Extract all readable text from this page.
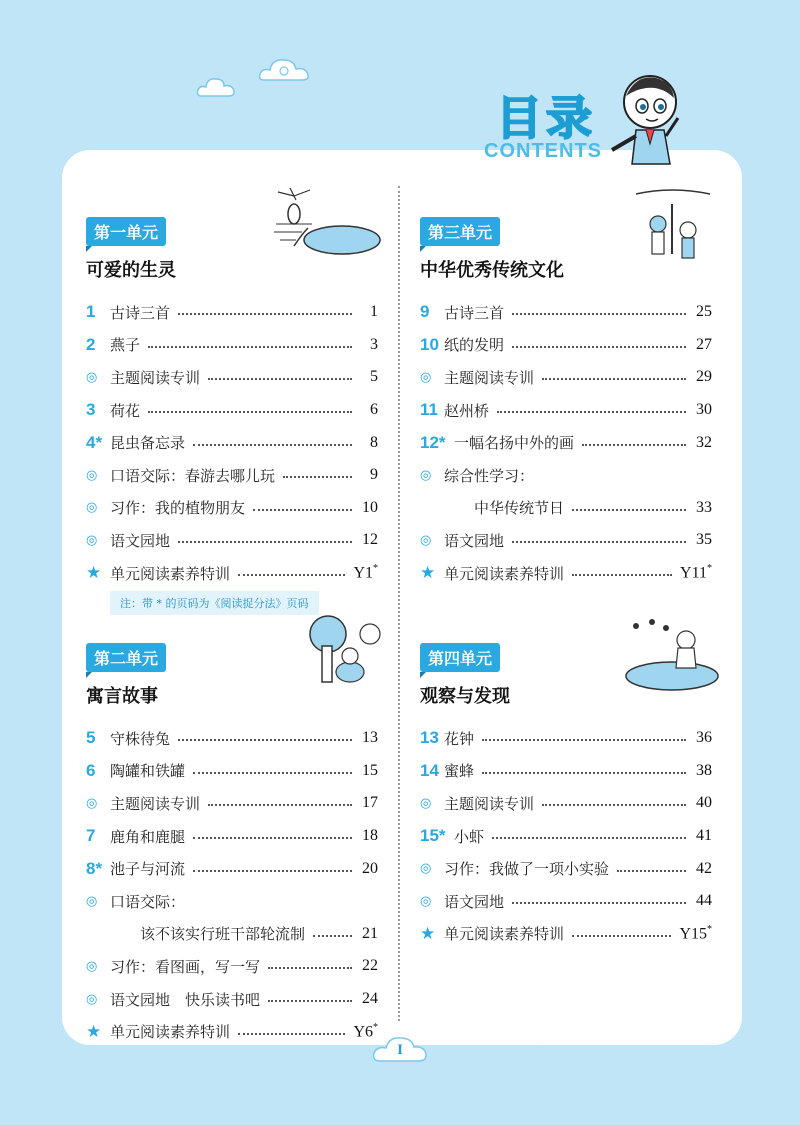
目录
CONTENTS
第一单元
可爱的生灵
1 古诗三首	1
2 燕子	3
◎ 主题阅读专训	5
3 荷花	6
4* 昆虫备忘录	8
◎ 口语交际：春游去哪儿玩	9
◎ 习作：我的植物朋友	10
◎ 语文园地	12
★ 单元阅读素养特训	Y1*
注：带 * 的页码为《阅读捉分法》页码
第二单元
寓言故事
5 守株待兔	13
6 陶罐和铁罐	15
◎ 主题阅读专训	17
7 鹿角和鹿腿	18
8* 池子与河流	20
◎ 口语交际：
该不该实行班干部轮流制	21
◎ 习作：看图画，写一写	22
◎ 语文园地　快乐读书吧	24
★ 单元阅读素养特训	Y6*
第三单元
中华优秀传统文化
9 古诗三首	25
10 纸的发明	27
◎ 主题阅读专训	29
11 赵州桥	30
12* 一幅名扬中外的画	32
◎ 综合性学习：
中华传统节日	33
◎ 语文园地	35
★ 单元阅读素养特训	Y11*
第四单元
观察与发现
13 花钟	36
14 蜜蜂	38
◎ 主题阅读专训	40
15* 小虾	41
◎ 习作：我做了一项小实验	42
◎ 语文园地	44
★ 单元阅读素养特训	Y15*
I
